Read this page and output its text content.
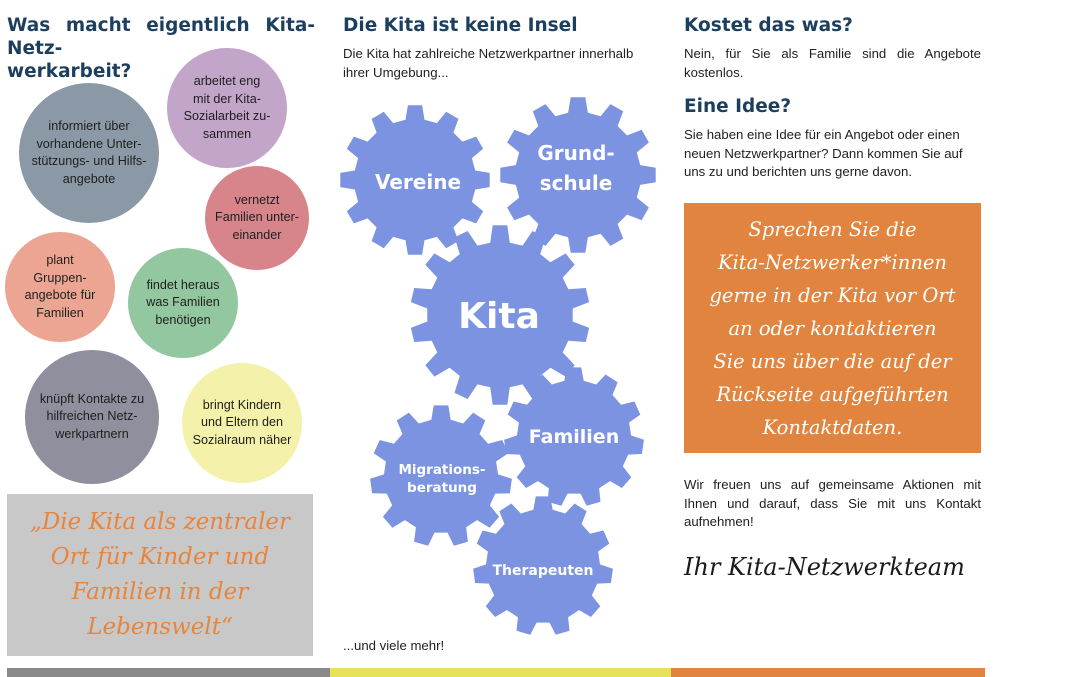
Was macht eigentlich Kita-Netz-
werkarbeit?
informiert über
vorhandene Unter-
stützungs- und Hilfs-
angebote
arbeitet eng
mit der Kita-
Sozialarbeit zu-
sammen
vernetzt
Familien unter-
einander
plant
Gruppen-
angebote für
Familien
findet heraus
was Familien
benötigen
knüpft Kontakte zu
hilfreichen Netz-
werkpartnern
bringt Kindern
und Eltern den
Sozialraum näher
„Die Kita als zentraler
Ort für Kinder und
Familien in der
Lebenswelt“
Die Kita ist keine Insel

Die Kita hat zahlreiche Netzwerkpartner innerhalb ihrer Umgebung...

Vereine
Grund-
schule
Kita
Familien
Migrations-
beratung
Therapeuten

...und viele mehr!

Kostet das was?

Nein, für Sie als Familie sind die Angebote kostenlos.

Eine Idee?

Sie haben eine Idee für ein Angebot oder einen neuen Netzwerkpartner? Dann kommen Sie auf uns zu und berichten uns gerne davon.

Sprechen Sie die
Kita-Netzwerker*innen
gerne in der Kita vor Ort
an oder kontaktieren
Sie uns über die auf der
Rückseite aufgeführten
Kontaktdaten.

Wir freuen uns auf gemeinsame Aktionen mit Ihnen und darauf, dass Sie mit uns Kontakt aufnehmen!

Ihr Kita-Netzwerkteam
